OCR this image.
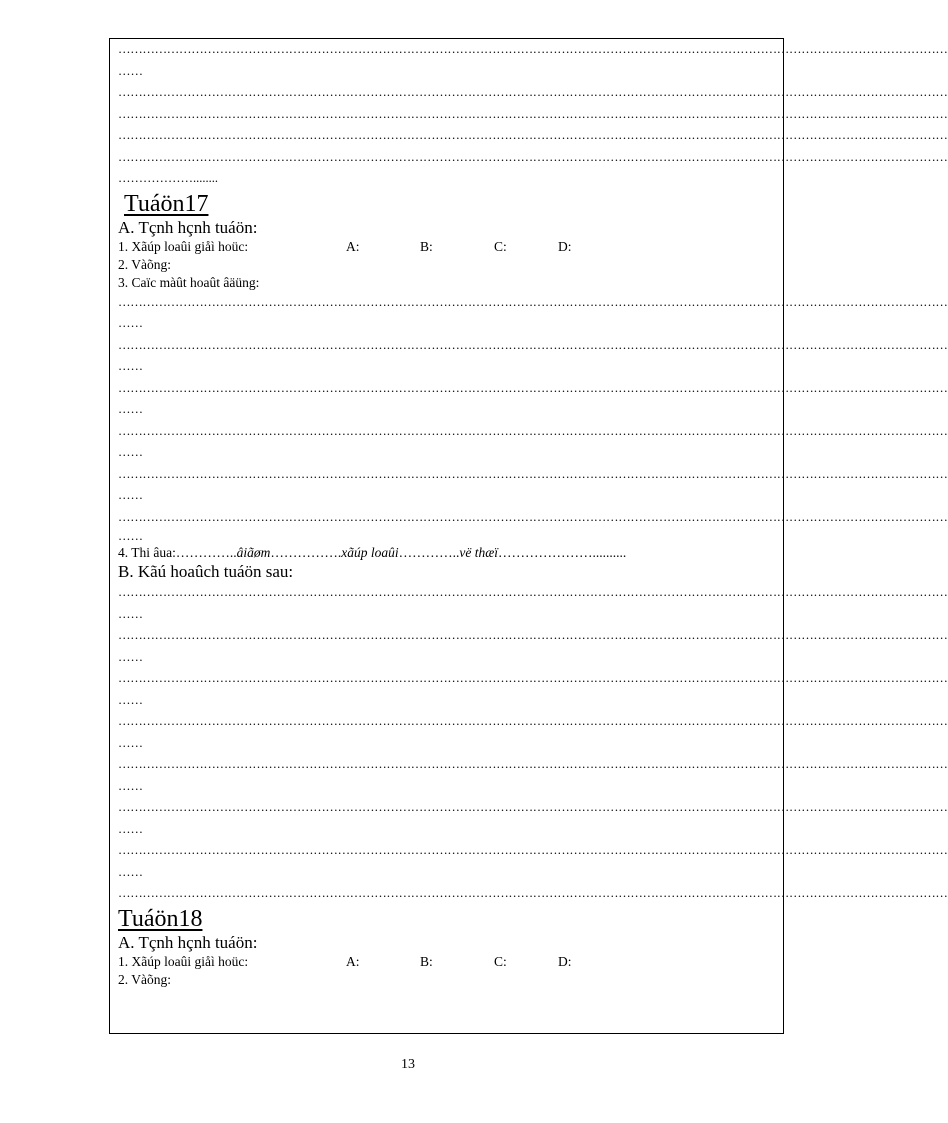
……………………………………………………………………………………………………………………………………………………………………………………
……
……………………………………………………………………………………………………………………………………………………………………………………
……………………………………………………………………………………………………………………………………………………………………………………
……………………………………………………………………………………………………………………………………………………………………………………
……………………………………………………………………………………………………………………………………………………………………………………
………………........
Tuáön17
A. Tçnh hçnh tuáön:
1. Xãúp loaûi giåì hoüc:	A:	B:	C:	D:
2. Vàõng:
3. Caïc màût hoaût âäüng:
……………………………………………………………………………………………………………………………………………………………………………………
……
……………………………………………………………………………………………………………………………………………………………………………………
……
……………………………………………………………………………………………………………………………………………………………………………………
……
……………………………………………………………………………………………………………………………………………………………………………………
……
……………………………………………………………………………………………………………………………………………………………………………………
……
……………………………………………………………………………………………………………………………………………………………………………………
……
4. Thi âua:…………..âiãøm…………….xãúp loaûi…………..vë thæï…………………..........
B. Kãú hoaûch tuáön sau:
……………………………………………………………………………………………………………………………………………………………………………………
……
……………………………………………………………………………………………………………………………………………………………………………………
……
……………………………………………………………………………………………………………………………………………………………………………………
……
……………………………………………………………………………………………………………………………………………………………………………………
……
……………………………………………………………………………………………………………………………………………………………………………………
……
……………………………………………………………………………………………………………………………………………………………………………………
……
……………………………………………………………………………………………………………………………………………………………………………………
……
……………………………………………………………………………………………………………………………………………………………………………………
Tuáön18
A. Tçnh hçnh tuáön:
1. Xãúp loaûi giåì hoüc:	A:	B:	C:	D:
2. Vàõng:
13
